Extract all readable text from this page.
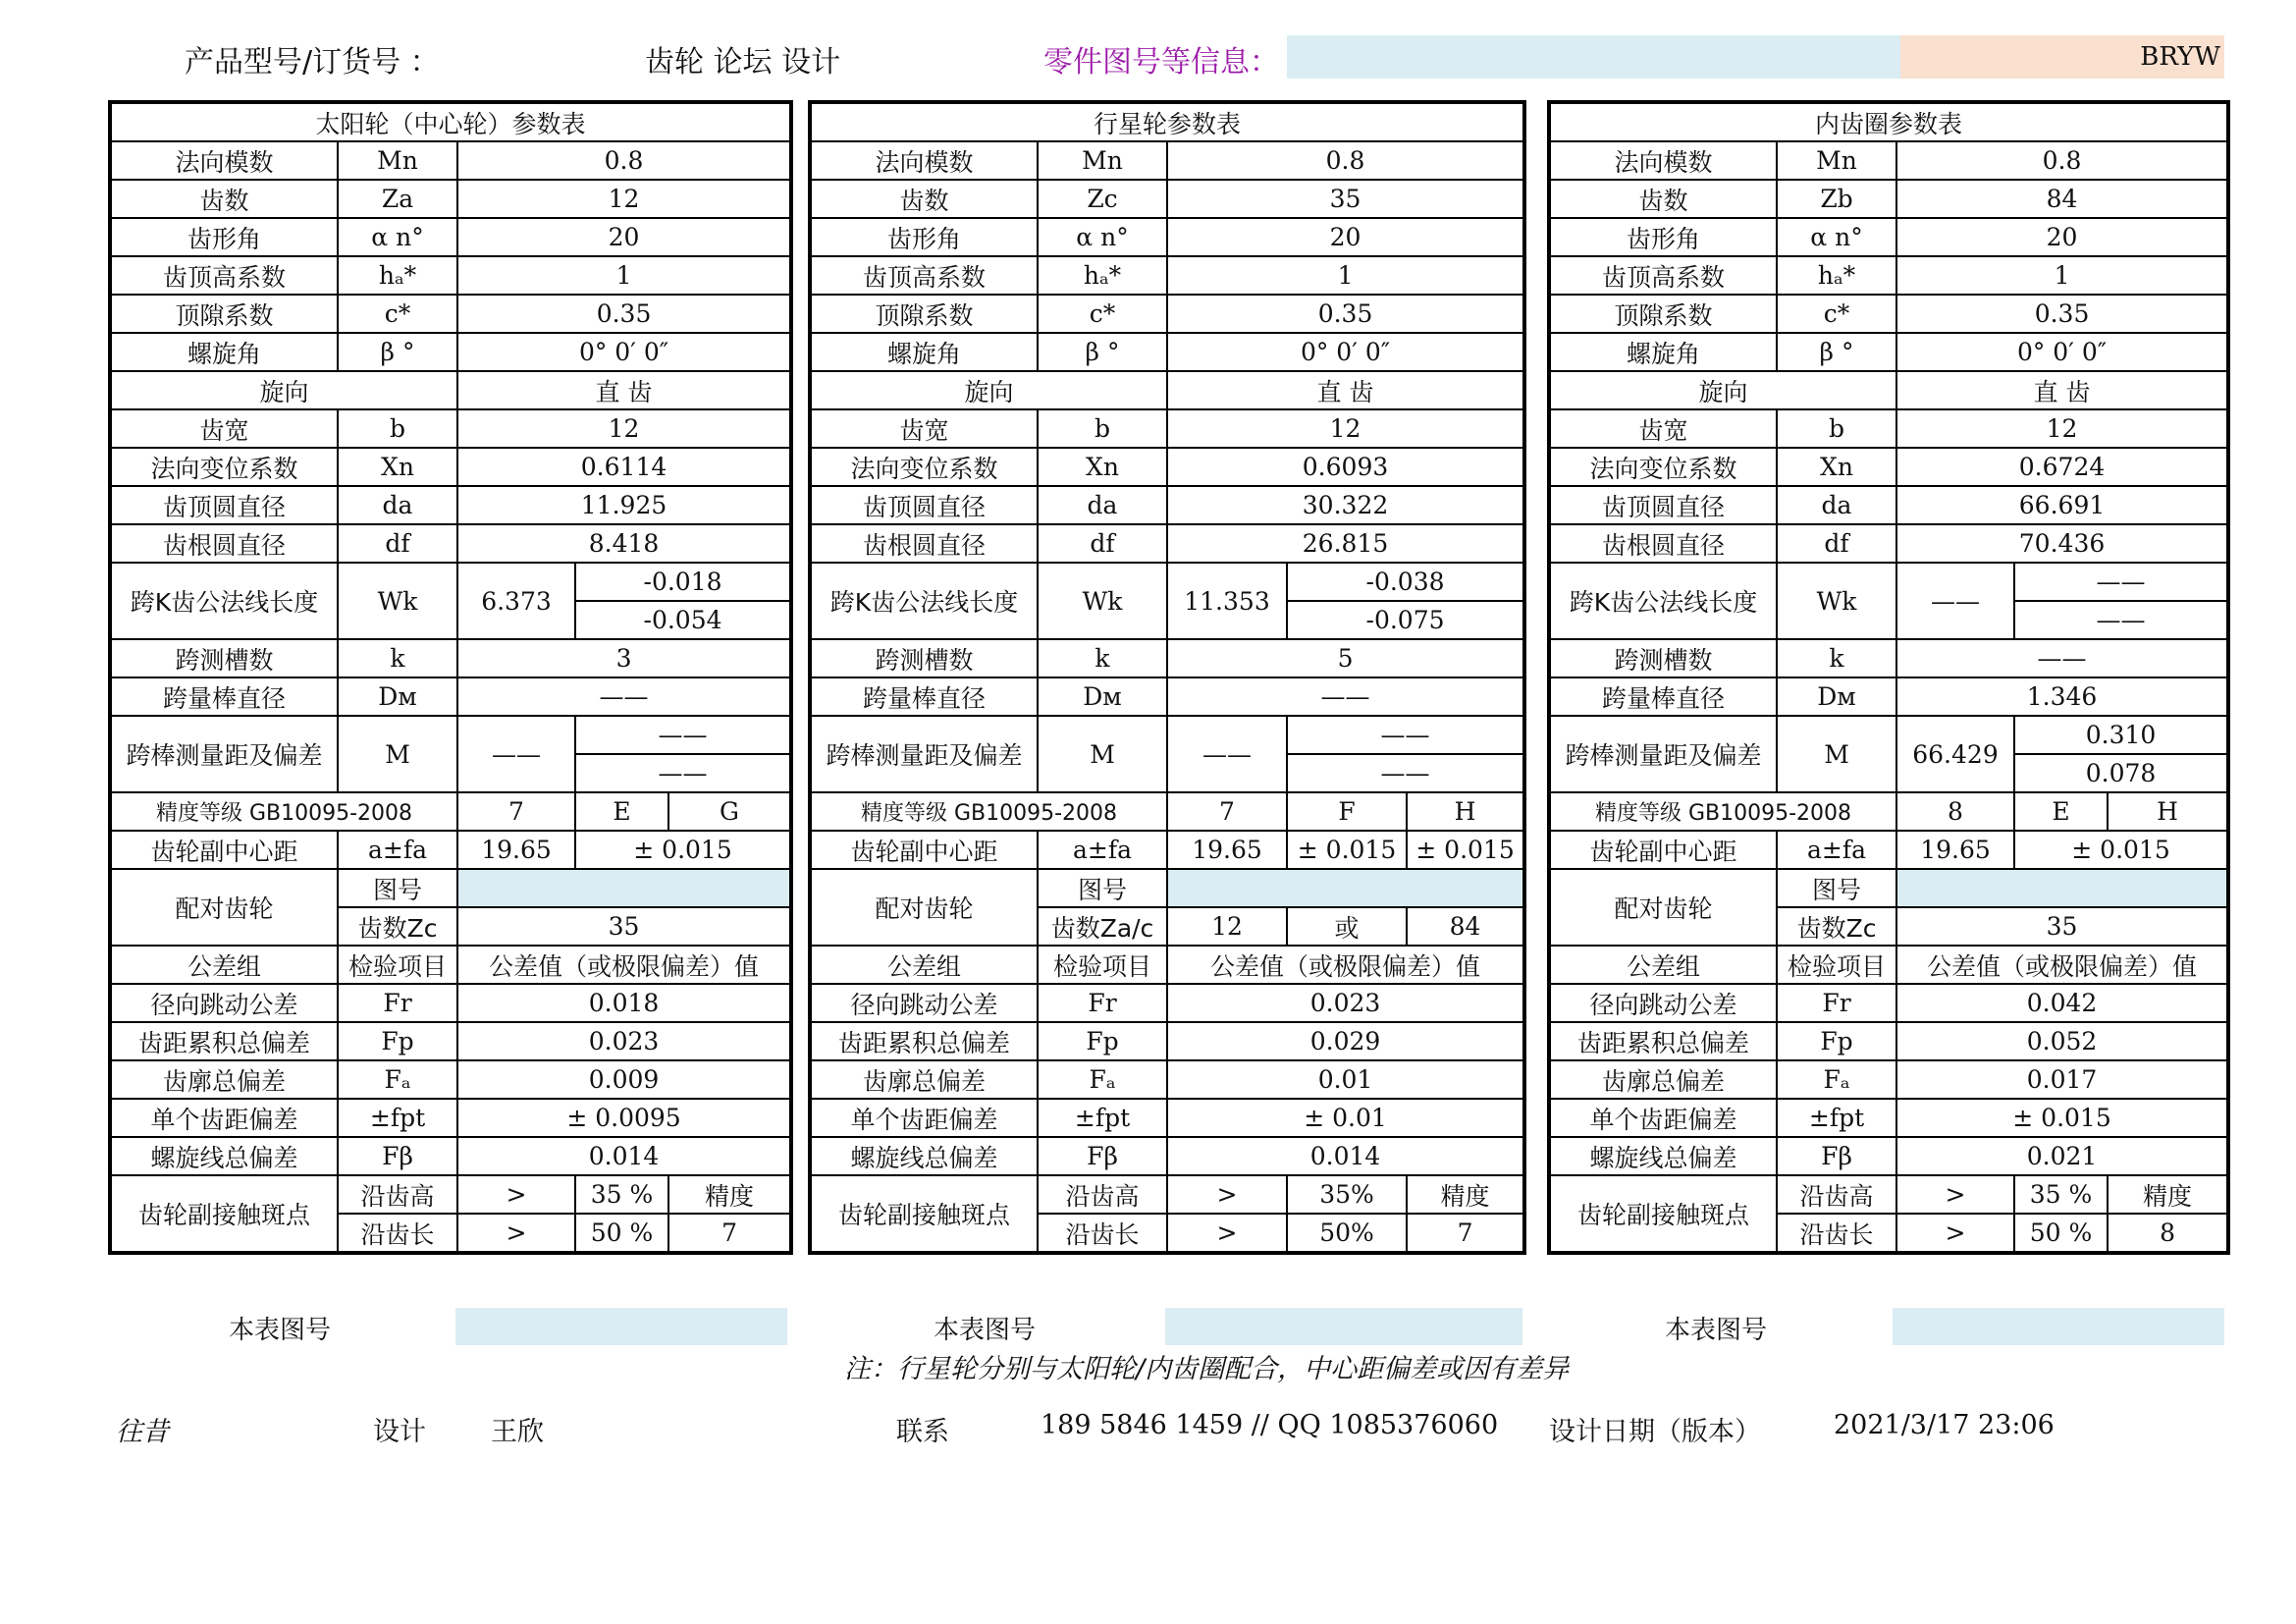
产品型号/订货号 ：	齿轮 论坛 设计	零件图号等信息：	BRYW
太阳轮（中心轮）参数表				
法向模数	Mn	0.8		
齿数	Za	12		
齿形角	α n°	20		
齿顶高系数	hₐ*	1		
顶隙系数	c*	0.35		
螺旋角	β °	0° 0′ 0″		
旋向		直 齿		
齿宽	b	12		
法向变位系数	Xn	0.6114		
齿顶圆直径	da	11.925		
齿根圆直径	df	8.418		
跨K齿公法线长度	Wk	6.373	-0.018	
			-0.054	
跨测槽数	k	3		
跨量棒直径	Dм	——		
跨棒测量距及偏差	M	——	——	
			——	
精度等级 GB10095-2008		7	E	G
齿轮副中心距	a±fa	19.65	± 0.015	
配对齿轮	图号			
	齿数Zc	35		
公差组	检验项目	公差值（或极限偏差）值		
径向跳动公差	Fr	0.018		
齿距累积总偏差	Fp	0.023		
齿廓总偏差	Fₐ	0.009		
单个齿距偏差	±fpt	± 0.0095		
螺旋线总偏差	Fβ	0.014		
齿轮副接触斑点	沿齿高	>	35 %	精度
	沿齿长	>	50 %	7
行星轮参数表				
法向模数	Mn	0.8		
齿数	Zc	35		
齿形角	α n°	20		
齿顶高系数	hₐ*	1		
顶隙系数	c*	0.35		
螺旋角	β °	0° 0′ 0″		
旋向		直 齿		
齿宽	b	12		
法向变位系数	Xn	0.6093		
齿顶圆直径	da	30.322		
齿根圆直径	df	26.815		
跨K齿公法线长度	Wk	11.353	-0.038	
			-0.075	
跨测槽数	k	5		
跨量棒直径	Dм	——		
跨棒测量距及偏差	M	——	——	
			——	
精度等级 GB10095-2008		7	F	H
齿轮副中心距	a±fa	19.65	± 0.015	± 0.015
配对齿轮	图号			
	齿数Za/c	12	或	84
公差组	检验项目	公差值（或极限偏差）值		
径向跳动公差	Fr	0.023		
齿距累积总偏差	Fp	0.029		
齿廓总偏差	Fₐ	0.01		
单个齿距偏差	±fpt	± 0.01		
螺旋线总偏差	Fβ	0.014		
齿轮副接触斑点	沿齿高	>	35%	精度
	沿齿长	>	50%	7
内齿圈参数表				
法向模数	Mn	0.8		
齿数	Zb	84		
齿形角	α n°	20		
齿顶高系数	hₐ*	1		
顶隙系数	c*	0.35		
螺旋角	β °	0° 0′ 0″		
旋向		直 齿		
齿宽	b	12		
法向变位系数	Xn	0.6724		
齿顶圆直径	da	66.691		
齿根圆直径	df	70.436		
跨K齿公法线长度	Wk	——	——	
			——	
跨测槽数	k	——		
跨量棒直径	Dм	1.346		
跨棒测量距及偏差	M	66.429	0.310	
			0.078	
精度等级 GB10095-2008		8	E	H
齿轮副中心距	a±fa	19.65	± 0.015	
配对齿轮	图号			
	齿数Zc	35		
公差组	检验项目	公差值（或极限偏差）值		
径向跳动公差	Fr	0.042		
齿距累积总偏差	Fp	0.052		
齿廓总偏差	Fₐ	0.017		
单个齿距偏差	±fpt	± 0.015		
螺旋线总偏差	Fβ	0.021		
齿轮副接触斑点	沿齿高	>	35 %	精度
	沿齿长	>	50 %	8
本表图号	本表图号	本表图号
注：行星轮分别与太阳轮/内齿圈配合，中心距偏差或因有差异
往昔	设计 王欣	联系	189 5846 1459 // QQ 1085376060 设计日期（版本）	2021/3/17 23:06
